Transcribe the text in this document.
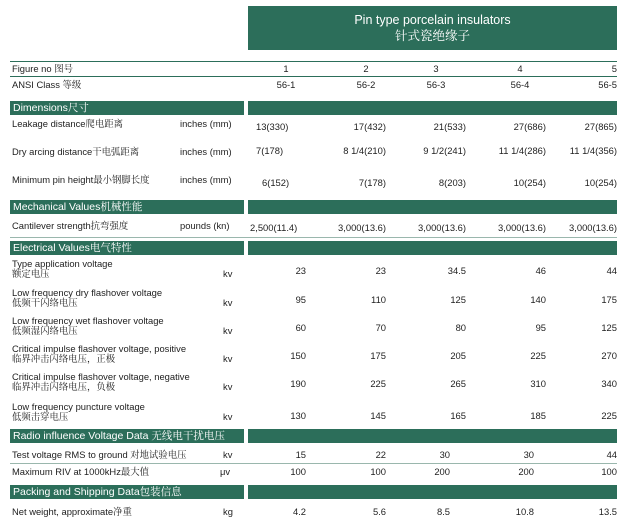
Pin type porcelain insulators
针式瓷绝缘子
Figure no 图号	1	2	3	4	5
ANSI Class 等级	56-1	56-2	56-3	56-4	56-5
Dimensions尺寸
Leakage distance爬电距离	inches (mm)	13(330)	17(432)	21(533)	27(686)	27(865)
Dry arcing distance干电弧距离	inches (mm)	7(178)	8 1/4(210)	9 1/2(241)	11 1/4(286)	11 1/4(356)
Minimum pin height最小钢脚长度	inches (mm)	6(152)	7(178)	8(203)	10(254)	10(254)
Mechanical Values机械性能
Cantilever strength抗弯强度	pounds (kn) 2,500(11.4)	3,000(13.6)	3,000(13.6)	3,000(13.6)	3,000(13.6)
Electrical Values电气特性
Type application voltage
额定电压	kv	23	23	34.5	46	44
Low frequency dry flashover voltage
低频干闪络电压	kv	95	110	125	140	175
Low frequency wet flashover voltage
低频湿闪络电压	kv	60	70	80	95	125
Critical impulse flashover voltage, positive
临界冲击闪络电压，正极	kv	150	175	205	225	270
Critical impulse flashover voltage, negative
临界冲击闪络电压，负极	kv	190	225	265	310	340
Low frequency puncture voltage
低频击穿电压	kv	130	145	165	185	225
Radio influence Voltage Data 无线电干扰电压
Test voltage RMS to ground 对地试验电压	kv	15	22	30	30	44
Maximum RIV at 1000kHz最大值	μv	100	100	200	200	100
Packing and Shipping Data包装信息
Net weight, approximate净重	kg	4.2	5.6	8.5	10.8	13.5
